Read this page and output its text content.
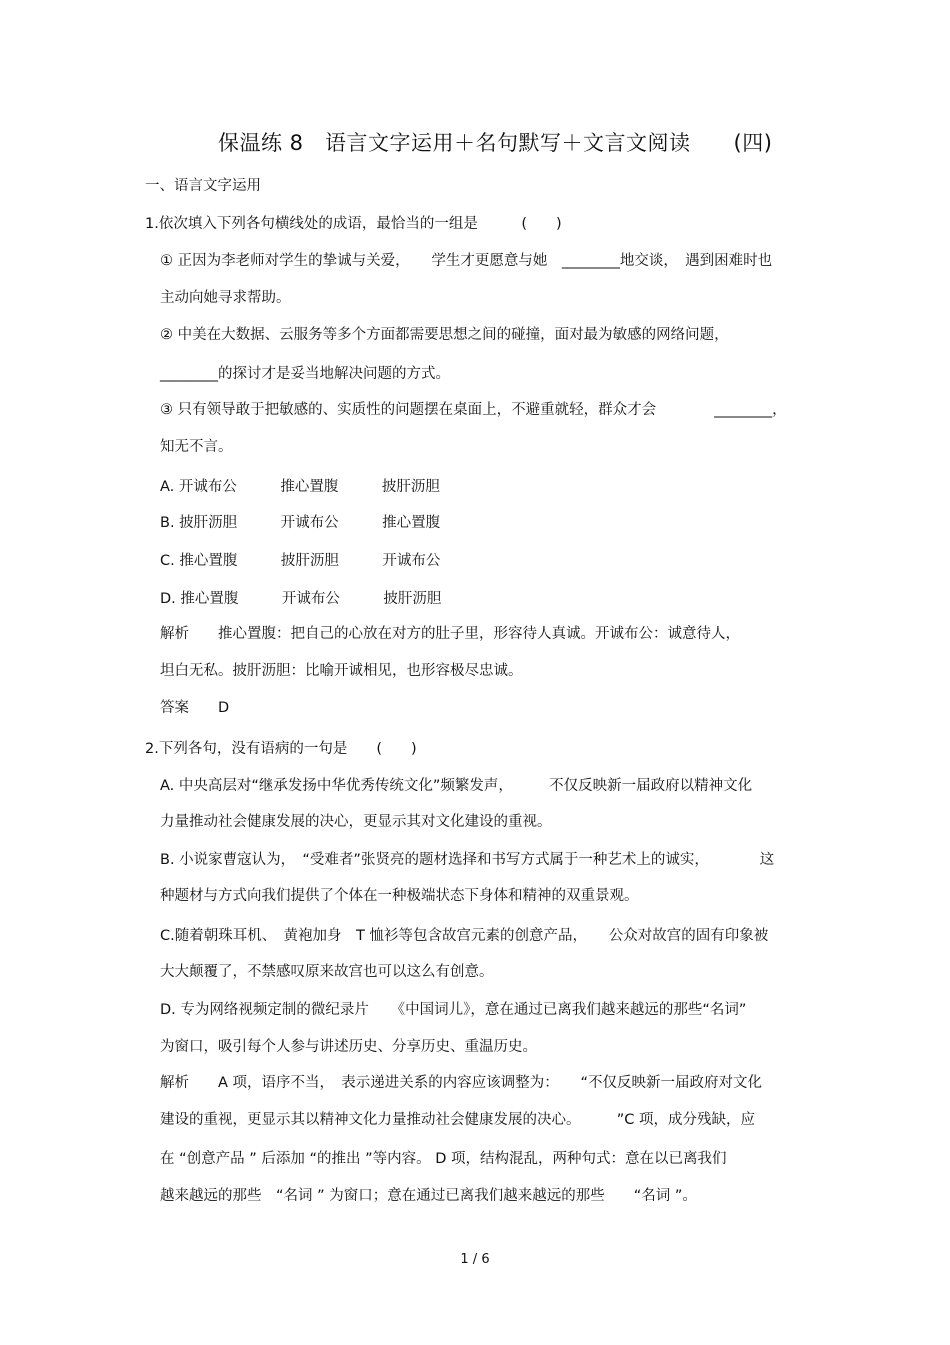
保温练 8　语言文字运用＋名句默写＋文言文阅读　　(四)
一、语言文字运用
1.依次填入下列各句横线处的成语，最恰当的一组是　　　(　　)
① 正因为李老师对学生的挚诚与关爱，　　学生才更愿意与她　________地交谈，　遇到困难时也
主动向她寻求帮助。
② 中美在大数据、云服务等多个方面都需要思想之间的碰撞，面对最为敏感的网络问题，
________的探讨才是妥当地解决问题的方式。
③ 只有领导敢于把敏感的、实质性的问题摆在桌面上，不避重就轻，群众才会　　　　________，
知无不言。
A. 开诚布公　　　推心置腹　　　披肝沥胆
B. 披肝沥胆　　　开诚布公　　　推心置腹
C. 推心置腹　　　披肝沥胆　　　开诚布公
D. 推心置腹　　　开诚布公　　　披肝沥胆
解析　　推心置腹：把自己的心放在对方的肚子里，形容待人真诚。开诚布公：诚意待人，
坦白无私。披肝沥胆：比喻开诚相见，也形容极尽忠诚。
答案　　D
2.下列各句，没有语病的一句是　　(　　)
A. 中央高层对“继承发扬中华优秀传统文化”频繁发声，　　　不仅反映新一届政府以精神文化
力量推动社会健康发展的决心，更显示其对文化建设的重视。
B. 小说家曹寇认为，　“受难者”张贤亮的题材选择和书写方式属于一种艺术上的诚实，　　　　这
种题材与方式向我们提供了个体在一种极端状态下身体和精神的双重景观。
C.随着朝珠耳机、　黄袍加身　T 恤衫等包含故宫元素的创意产品，　　公众对故宫的固有印象被
大大颠覆了，不禁感叹原来故宫也可以这么有创意。
D. 专为网络视频定制的微纪录片　　《中国词儿》，意在通过已离我们越来越远的那些“名词”
为窗口，吸引每个人参与讲述历史、分享历史、重温历史。
解析　　A 项，语序不当，　表示递进关系的内容应该调整为：　　“不仅反映新一届政府对文化
建设的重视，更显示其以精神文化力量推动社会健康发展的决心。　　　”C 项，成分残缺，应
在 “创意产品 ” 后添加 “的推出 ”等内容。 D 项，结构混乱，两种句式：意在以已离我们
越来越远的那些　“名词 ” 为窗口；意在通过已离我们越来越远的那些　　“名词 ”。
1 / 6
